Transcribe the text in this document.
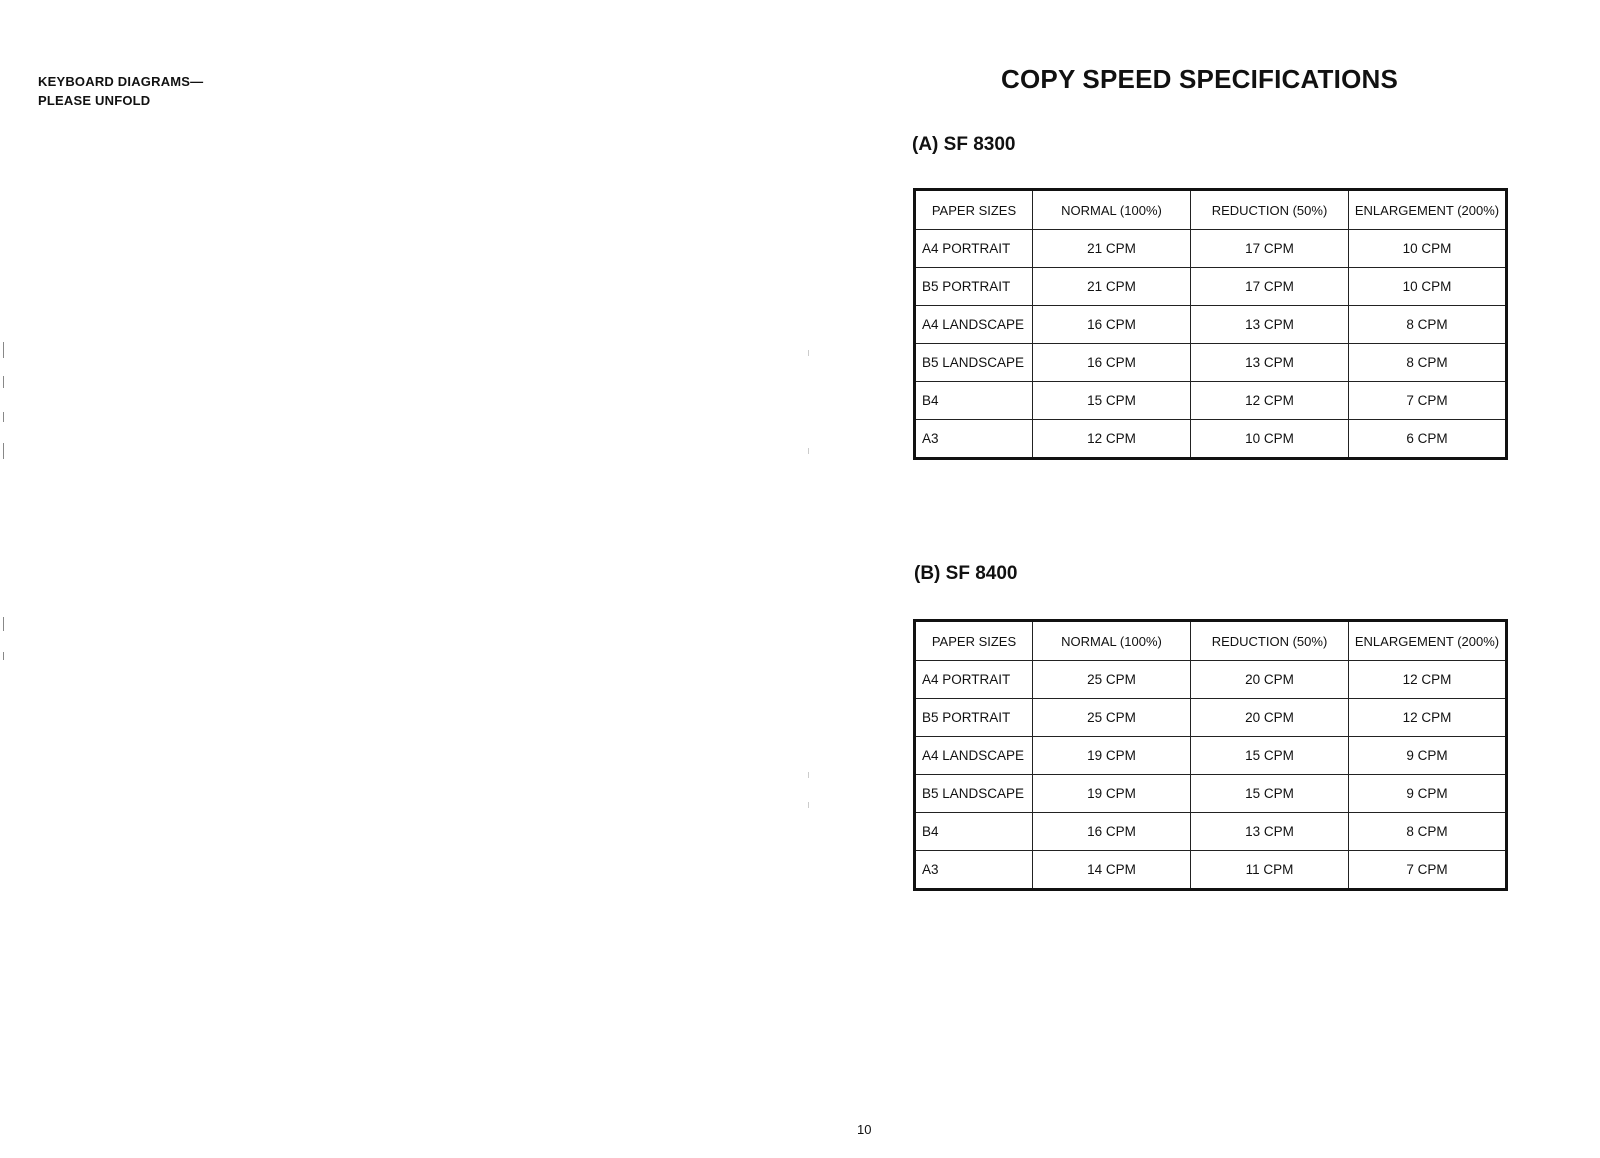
KEYBOARD DIAGRAMS—
PLEASE UNFOLD
COPY SPEED SPECIFICATIONS
(A) SF 8300
PAPER SIZES	NORMAL (100%)	REDUCTION (50%)	ENLARGEMENT (200%)
A4 PORTRAIT	21 CPM	17 CPM	10 CPM
B5 PORTRAIT	21 CPM	17 CPM	10 CPM
A4 LANDSCAPE	16 CPM	13 CPM	8 CPM
B5 LANDSCAPE	16 CPM	13 CPM	8 CPM
B4	15 CPM	12 CPM	7 CPM
A3	12 CPM	10 CPM	6 CPM
(B) SF 8400
PAPER SIZES	NORMAL (100%)	REDUCTION (50%)	ENLARGEMENT (200%)
A4 PORTRAIT	25 CPM	20 CPM	12 CPM
B5 PORTRAIT	25 CPM	20 CPM	12 CPM
A4 LANDSCAPE	19 CPM	15 CPM	9 CPM
B5 LANDSCAPE	19 CPM	15 CPM	9 CPM
B4	16 CPM	13 CPM	8 CPM
A3	14 CPM	11 CPM	7 CPM
10
